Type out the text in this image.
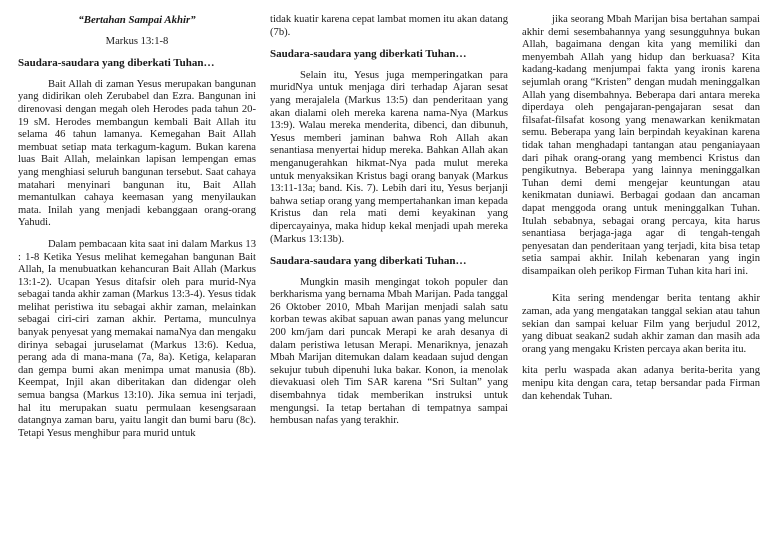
“Bertahan Sampai Akhir”

Markus 13:1-8

Saudara-saudara yang diberkati Tuhan…

Bait Allah di zaman Yesus merupakan bangunan yang didirikan oleh Zerubabel dan Ezra. Bangunan ini direnovasi dengan megah oleh Herodes pada tahun 20-19 sM. Herodes membangun kembali Bait Allah itu selama 46 tahun lamanya. Kemegahan Bait Allah membuat setiap mata terkagum-kagum. Bukan karena luas Bait Allah, melainkan lapisan lempengan emas yang menghiasi seluruh bangunan tersebut. Saat cahaya matahari menyinari bangunan itu, Bait Allah memantulkan cahaya keemasan yang menyilaukan mata. Inilah yang menjadi kebanggaan orang-orang Yahudi.

Dalam pembacaan kita saat ini dalam Markus 13 : 1-8 Ketika Yesus melihat kemegahan bangunan Bait Allah, Ia menubuatkan kehancuran Bait Allah (Markus 13:1-2). Ucapan Yesus ditafsir oleh para murid-Nya sebagai tanda akhir zaman (Markus 13:3-4). Yesus tidak melihat peristiwa itu sebagai akhir zaman, melainkan sebagai ciri-ciri zaman akhir. Pertama, munculnya banyak penyesat yang memakai namaNya dan mengaku dirinya sebagai juruselamat (Markus 13:6). Kedua, perang ada di mana-mana (7a, 8a). Ketiga, kelaparan dan gempa bumi akan menimpa umat manusia (8b). Keempat, Injil akan diberitakan dan didengar oleh semua bangsa (Markus 13:10). Jika semua ini terjadi, hal itu merupakan suatu permulaan kesengsaraan datangnya zaman baru, yaitu langit dan bumi baru (8c). Tetapi Yesus menghibur para murid untuk

tidak kuatir karena cepat lambat momen itu akan datang (7b).

Saudara-saudara yang diberkati Tuhan…

Selain itu, Yesus juga memperingatkan para muridNya untuk menjaga diri terhadap Ajaran sesat yang merajalela (Markus 13:5) dan penderitaan yang akan dialami oleh mereka karena nama-Nya (Markus 13:9). Walau mereka menderita, dibenci, dan dibunuh, Yesus memberi jaminan bahwa Roh Allah akan senantiasa menyertai hidup mereka. Bahkan Allah akan menganugerahkan hikmat-Nya pada mulut mereka untuk menyaksikan Kristus bagi orang banyak (Markus 13:11-13a; band. Kis. 7). Lebih dari itu, Yesus berjanji bahwa setiap orang yang mempertahankan iman kepada Kristus dan rela mati demi keyakinan yang dipercayainya, maka hidup kekal menjadi upah mereka (Markus 13:13b).

Saudara-saudara yang diberkati Tuhan…

Mungkin masih mengingat tokoh populer dan berkharisma yang bernama Mbah Marijan. Pada tanggal 26 Oktober 2010, Mbah Marijan menjadi salah satu korban tewas akibat sapuan awan panas yang meluncur 200 km/jam dari puncak Merapi ke arah desanya di dalam peristiwa letusan Merapi. Menariknya, jenazah Mbah Marijan ditemukan dalam keadaan sujud dengan sekujur tubuh dipenuhi luka bakar. Konon, ia menolak dievakuasi oleh Tim SAR karena “Sri Sultan” yang disembahnya tidak memberikan instruksi untuk mengungsi. Ia tetap bertahan di tempatnya sampai hembusan nafas yang terakhir.

jika seorang Mbah Marijan bisa bertahan sampai akhir demi sesembahannya yang sesungguhnya bukan Allah, bagaimana dengan kita yang memiliki dan menyembah Allah yang hidup dan berkuasa? Kita kadang-kadang menjumpai fakta yang ironis karena sejumlah orang “Kristen” dengan mudah meninggalkan Allah yang disembahnya. Beberapa dari antara mereka diperdaya oleh pengajaran-pengajaran sesat dan filsafat-filsafat kosong yang menawarkan kenikmatan semu. Beberapa yang lain berpindah keyakinan karena tidak tahan menghadapi tantangan atau penganiayaan dari pihak orang-orang yang membenci Kristus dan pengikutnya. Beberapa yang lainnya meninggalkan Tuhan demi demi mengejar keuntungan atau kenikmatan duniawi. Berbagai godaan dan ancaman dapat menggoda orang untuk meninggalkan Tuhan. Itulah sebabnya, sebagai orang percaya, kita harus senantiasa berjaga-jaga agar di tengah-tengah penyesatan dan penderitaan yang terjadi, kita bisa tetap setia sampai akhir. Inilah kebenaran yang ingin disampaikan oleh perikop Firman Tuhan kita hari ini.

Kita sering mendengar berita tentang akhir zaman, ada yang mengatakan tanggal sekian atau tahun sekian dan sampai keluar Film yang berjudul 2012, yang dibuat seakan2 sudah akhir zaman dan masih ada orang yang mengaku Kristen percaya akan berita itu.

kita perlu waspada akan adanya berita-berita yang menipu kita dengan cara, tetap bersandar pada Firman dan kehendak Tuhan.
